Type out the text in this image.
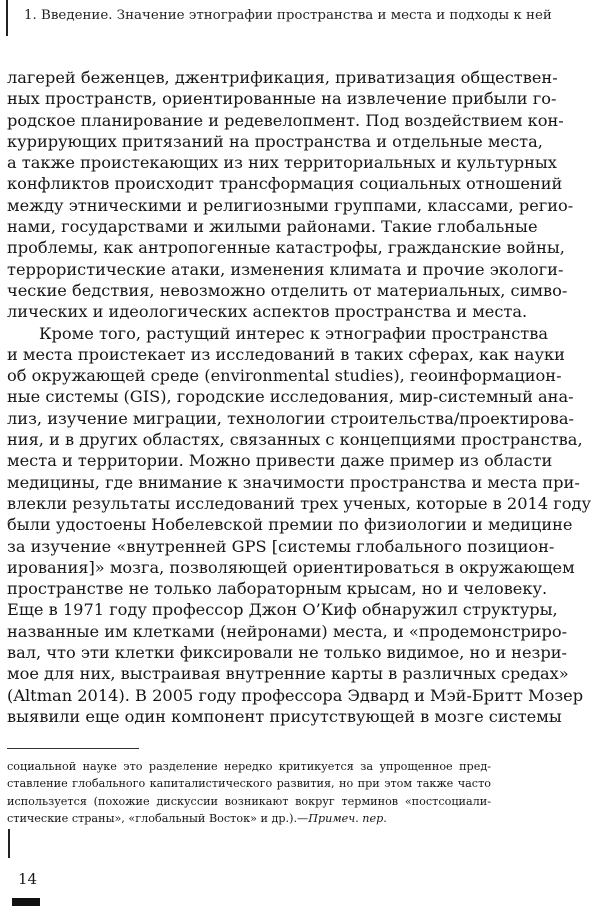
1. Введение. Значение этнографии пространства и места и подходы к ней
лагерей беженцев, джентрификация, приватизация обществен-
ных пространств, ориентированные на извлечение прибыли го-
родское планирование и редевелопмент. Под воздействием кон-
курирующих притязаний на пространства и отдельные места,
а также проистекающих из них территориальных и культурных
конфликтов происходит трансформация социальных отношений
между этническими и религиозными группами, классами, регио-
нами, государствами и жилыми районами. Такие глобальные
проблемы, как антропогенные катастрофы, гражданские войны,
террористические атаки, изменения климата и прочие экологи-
ческие бедствия, невозможно отделить от материальных, симво-
лических и идеологических аспектов пространства и места.
Кроме того, растущий интерес к этнографии пространства
и места проистекает из исследований в таких сферах, как науки
об окружающей среде (environmental studies), геоинформацион-
ные системы (GIS), городские исследования, мир-системный ана-
лиз, изучение миграции, технологии строительства/проектирова-
ния, и в других областях, связанных с концепциями пространства,
места и территории. Можно привести даже пример из области
медицины, где внимание к значимости пространства и места при-
влекли результаты исследований трех ученых, которые в 2014 году
были удостоены Нобелевской премии по физиологии и медицине
за изучение «внутренней GPS [системы глобального позицион-
ирования]» мозга, позволяющей ориентироваться в окружающем
пространстве не только лабораторным крысам, но и человеку.
Еще в 1971 году профессор Джон О’Киф обнаружил структуры,
названные им клетками (нейронами) места, и «продемонстриро-
вал, что эти клетки фиксировали не только видимое, но и незри-
мое для них, выстраивая внутренние карты в различных средах»
(Altman 2014). В 2005 году профессора Эдвард и Мэй-Бритт Мозер
выявили еще один компонент присутствующей в мозге системы
социальной науке это разделение нередко критикуется за упрощенное пред-
ставление глобального капиталистического развития, но при этом также часто
используется (похожие дискуссии возникают вокруг терминов «постсоциали-
стические страны», «глобальный Восток» и др.).—Примеч. пер.
14
